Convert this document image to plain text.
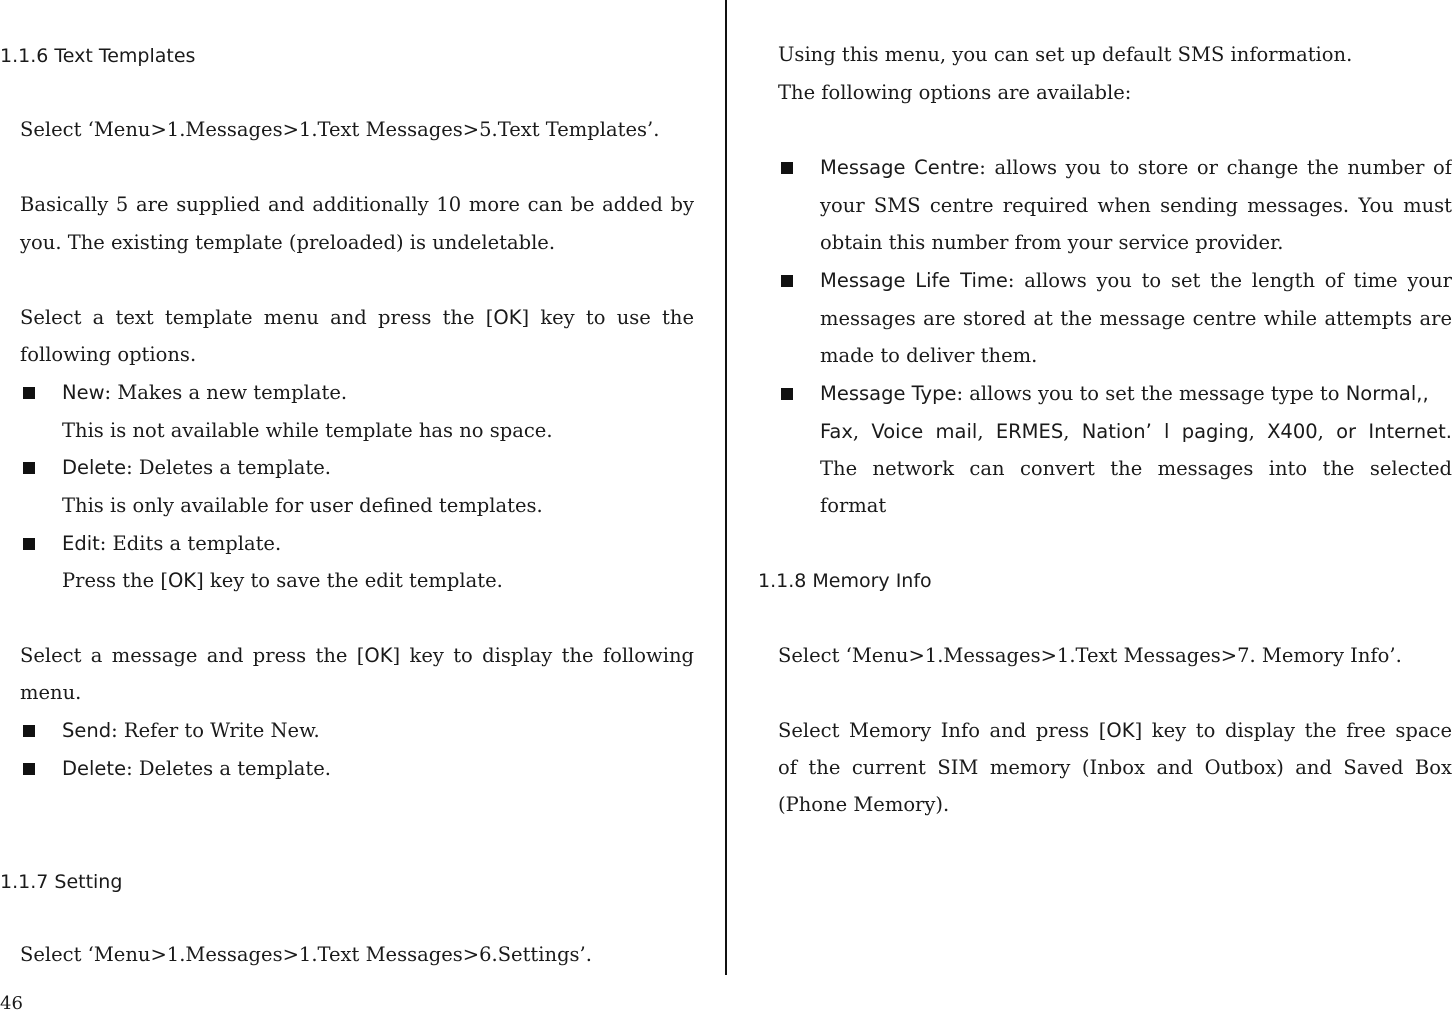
1.1.6 Text Templates
Select ‘Menu>1.Messages>1.Text Messages>5.Text Templates’.
Basically 5 are supplied and additionally 10 more can be added by
you. The existing template (preloaded) is undeletable.
Select a text template menu and press the [OK] key to use the
following options.
New: Makes a new template.
This is not available while template has no space.
Delete: Deletes a template.
This is only available for user defined templates.
Edit: Edits a template.
Press the [OK] key to save the edit template.
Select a message and press the [OK] key to display the following
menu.
Send: Refer to Write New.
Delete: Deletes a template.
1.1.7 Setting
Select ‘Menu>1.Messages>1.Text Messages>6.Settings’.
46
Using this menu, you can set up default SMS information.
The following options are available:
Message Centre: allows you to store or change the number of
your SMS centre required when sending messages. You must
obtain this number from your service provider.
Message Life Time: allows you to set the length of time your
messages are stored at the message centre while attempts are
made to deliver them.
Message Type: allows you to set the message type to Normal,,
Fax, Voice mail, ERMES, Nation’ l paging, X400, or Internet.
The network can convert the messages into the selected
format
1.1.8 Memory Info
Select ‘Menu>1.Messages>1.Text Messages>7. Memory Info’.
Select Memory Info and press [OK] key to display the free space
of the current SIM memory (Inbox and Outbox) and Saved Box
(Phone Memory).
